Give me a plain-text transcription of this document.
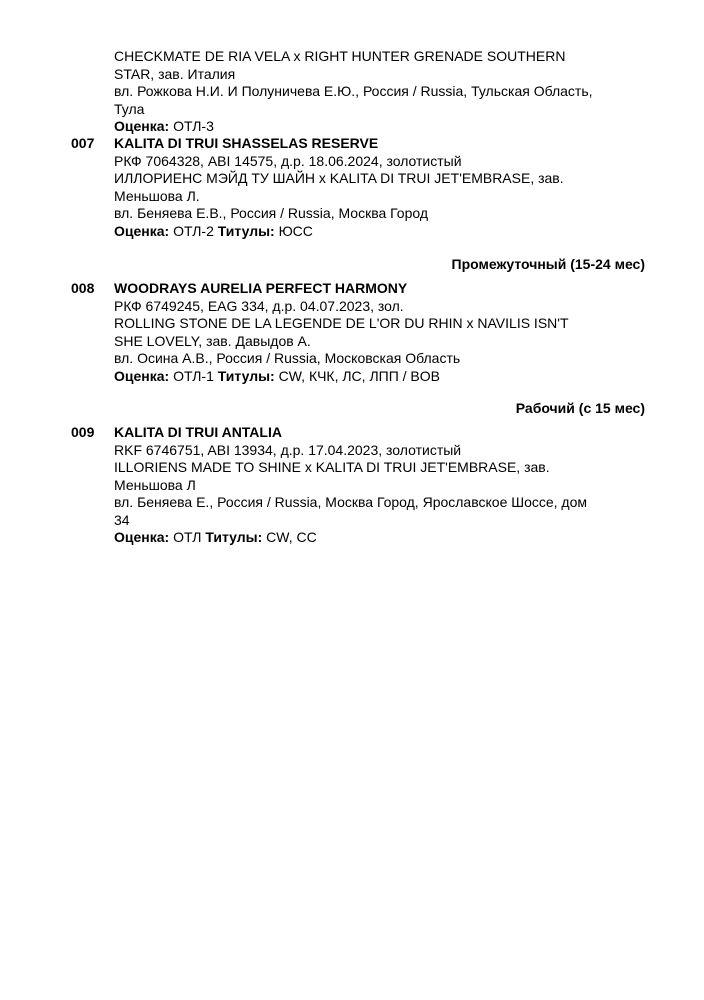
CHECKMATE DE RIA VELA x RIGHT HUNTER GRENADE SOUTHERN
STAR, зав. Италия
вл. Рожкова Н.И. И Полуничева Е.Ю., Россия / Russia, Тульская Область,
Тула
Оценка: ОТЛ-3
007 KALITA DI TRUI SHASSELAS RESERVE
РКФ 7064328, ABI 14575, д.р. 18.06.2024, золотистый
ИЛЛОРИЕНС МЭЙД ТУ ШАЙН x KALITA DI TRUI JET'EMBRASE, зав.
Меньшова Л.
вл. Беняева Е.В., Россия / Russia, Москва Город
Оценка: ОТЛ-2 Титулы: ЮСС
Промежуточный (15-24 мес)
008 WOODRAYS AURELIA PERFECT HARMONY
РКФ 6749245, EAG 334, д.р. 04.07.2023, зол.
ROLLING STONE DE LA LEGENDE DE L'OR DU RHIN x NAVILIS ISN'T
SHE LOVELY, зав. Давыдов А.
вл. Осина А.В., Россия / Russia, Московская Область
Оценка: ОТЛ-1 Титулы: CW, КЧК, ЛС, ЛПП / BOB
Рабочий (с 15 мес)
009 KALITA DI TRUI ANTALIA
RKF 6746751, ABI 13934, д.р. 17.04.2023, золотистый
ILLORIENS MADE TO SHINE x KALITA DI TRUI JET'EMBRASE, зав.
Меньшова Л
вл. Беняева Е., Россия / Russia, Москва Город, Ярославское Шоссе, дом
34
Оценка: ОТЛ Титулы: CW, CC
